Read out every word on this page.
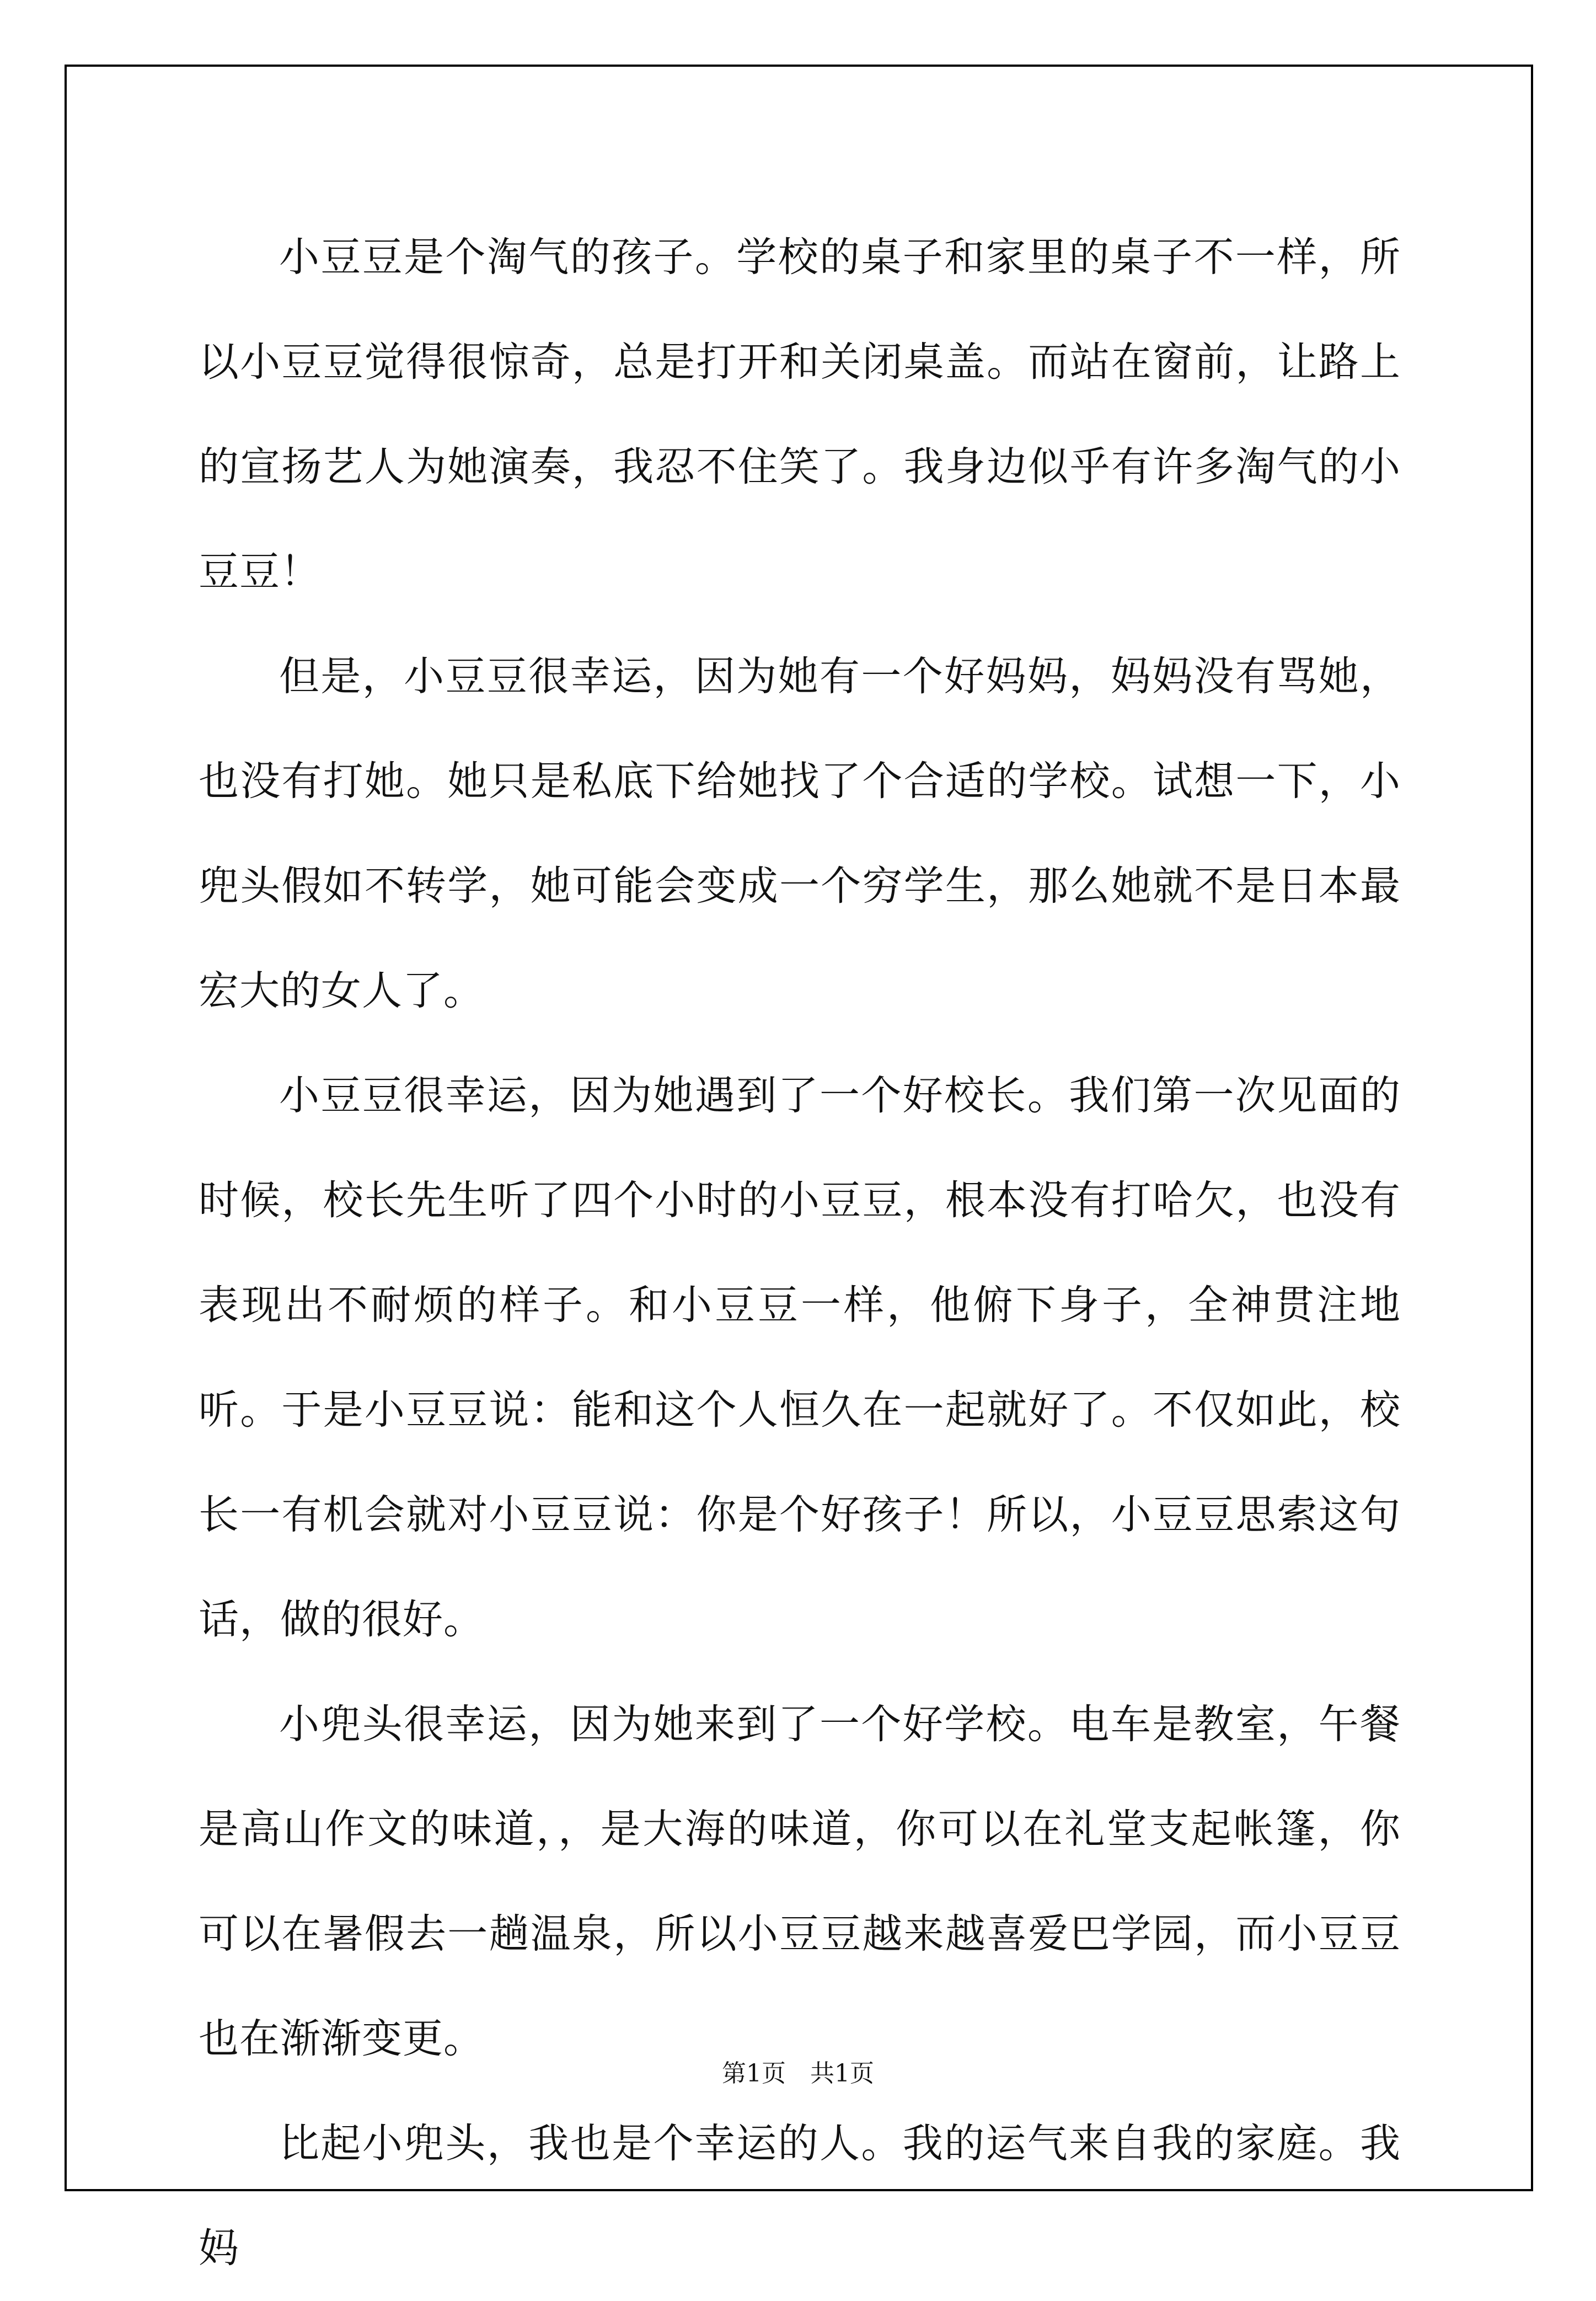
小豆豆是个淘气的孩子。学校的桌子和家里的桌子不一样，所以小豆豆觉得很惊奇，总是打开和关闭桌盖。而站在窗前，让路上的宣扬艺人为她演奏，我忍不住笑了。我身边似乎有许多淘气的小豆豆！

但是，小豆豆很幸运，因为她有一个好妈妈，妈妈没有骂她，也没有打她。她只是私底下给她找了个合适的学校。试想一下，小兜头假如不转学，她可能会变成一个穷学生，那么她就不是日本最宏大的女人了。

小豆豆很幸运，因为她遇到了一个好校长。我们第一次见面的时候，校长先生听了四个小时的小豆豆，根本没有打哈欠，也没有表现出不耐烦的样子。和小豆豆一样，他俯下身子，全神贯注地听。于是小豆豆说：能和这个人恒久在一起就好了。不仅如此，校长一有机会就对小豆豆说：你是个好孩子！所以，小豆豆思索这句话，做的很好。

小兜头很幸运，因为她来到了一个好学校。电车是教室，午餐是高山作文的味道，，是大海的味道，你可以在礼堂支起帐篷，你可以在暑假去一趟温泉，所以小豆豆越来越喜爱巴学园，而小豆豆也在渐渐变更。

比起小兜头，我也是个幸运的人。我的运气来自我的家庭。我妈

第1页　共1页
